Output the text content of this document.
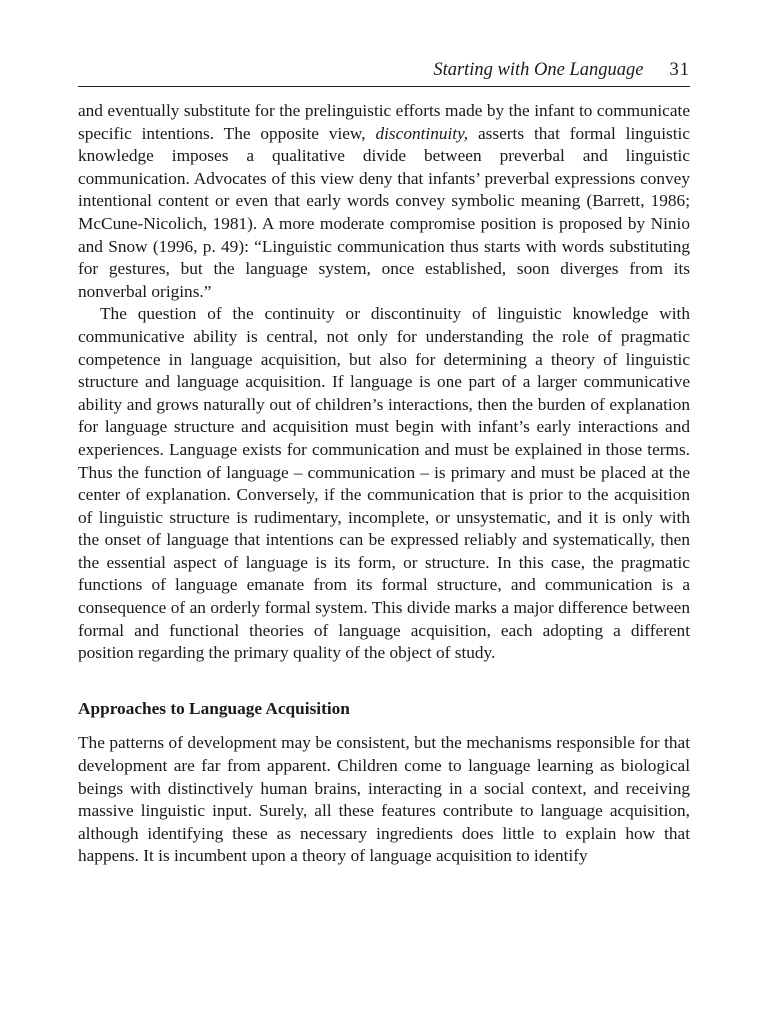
Starting with One Language 31

and eventually substitute for the prelinguistic efforts made by the infant to communicate specific intentions. The opposite view, discontinuity, asserts that formal linguistic knowledge imposes a qualitative divide between preverbal and linguistic communication. Advocates of this view deny that infants’ preverbal expressions convey intentional content or even that early words convey symbolic meaning (Barrett, 1986; McCune-Nicolich, 1981). A more moderate compromise position is proposed by Ninio and Snow (1996, p. 49): “Linguistic communication thus starts with words substituting for gestures, but the language system, once established, soon diverges from its nonverbal origins.”

The question of the continuity or discontinuity of linguistic knowledge with communicative ability is central, not only for understanding the role of pragmatic competence in language acquisition, but also for determining a theory of linguistic structure and language acquisition. If language is one part of a larger communicative ability and grows naturally out of children’s interactions, then the burden of explanation for language structure and acquisition must begin with infant’s early interactions and experiences. Language exists for communication and must be explained in those terms. Thus the function of language – communication – is primary and must be placed at the center of explanation. Conversely, if the communication that is prior to the acquisition of linguistic structure is rudimentary, incomplete, or unsystematic, and it is only with the onset of language that intentions can be expressed reliably and systematically, then the essential aspect of language is its form, or structure. In this case, the pragmatic functions of language emanate from its formal structure, and communication is a consequence of an orderly formal system. This divide marks a major difference between formal and functional theories of language acquisition, each adopting a different position regarding the primary quality of the object of study.

Approaches to Language Acquisition

The patterns of development may be consistent, but the mechanisms responsible for that development are far from apparent. Children come to language learning as biological beings with distinctively human brains, interacting in a social context, and receiving massive linguistic input. Surely, all these features contribute to language acquisition, although identifying these as necessary ingredients does little to explain how that happens. It is incumbent upon a theory of language acquisition to identify
